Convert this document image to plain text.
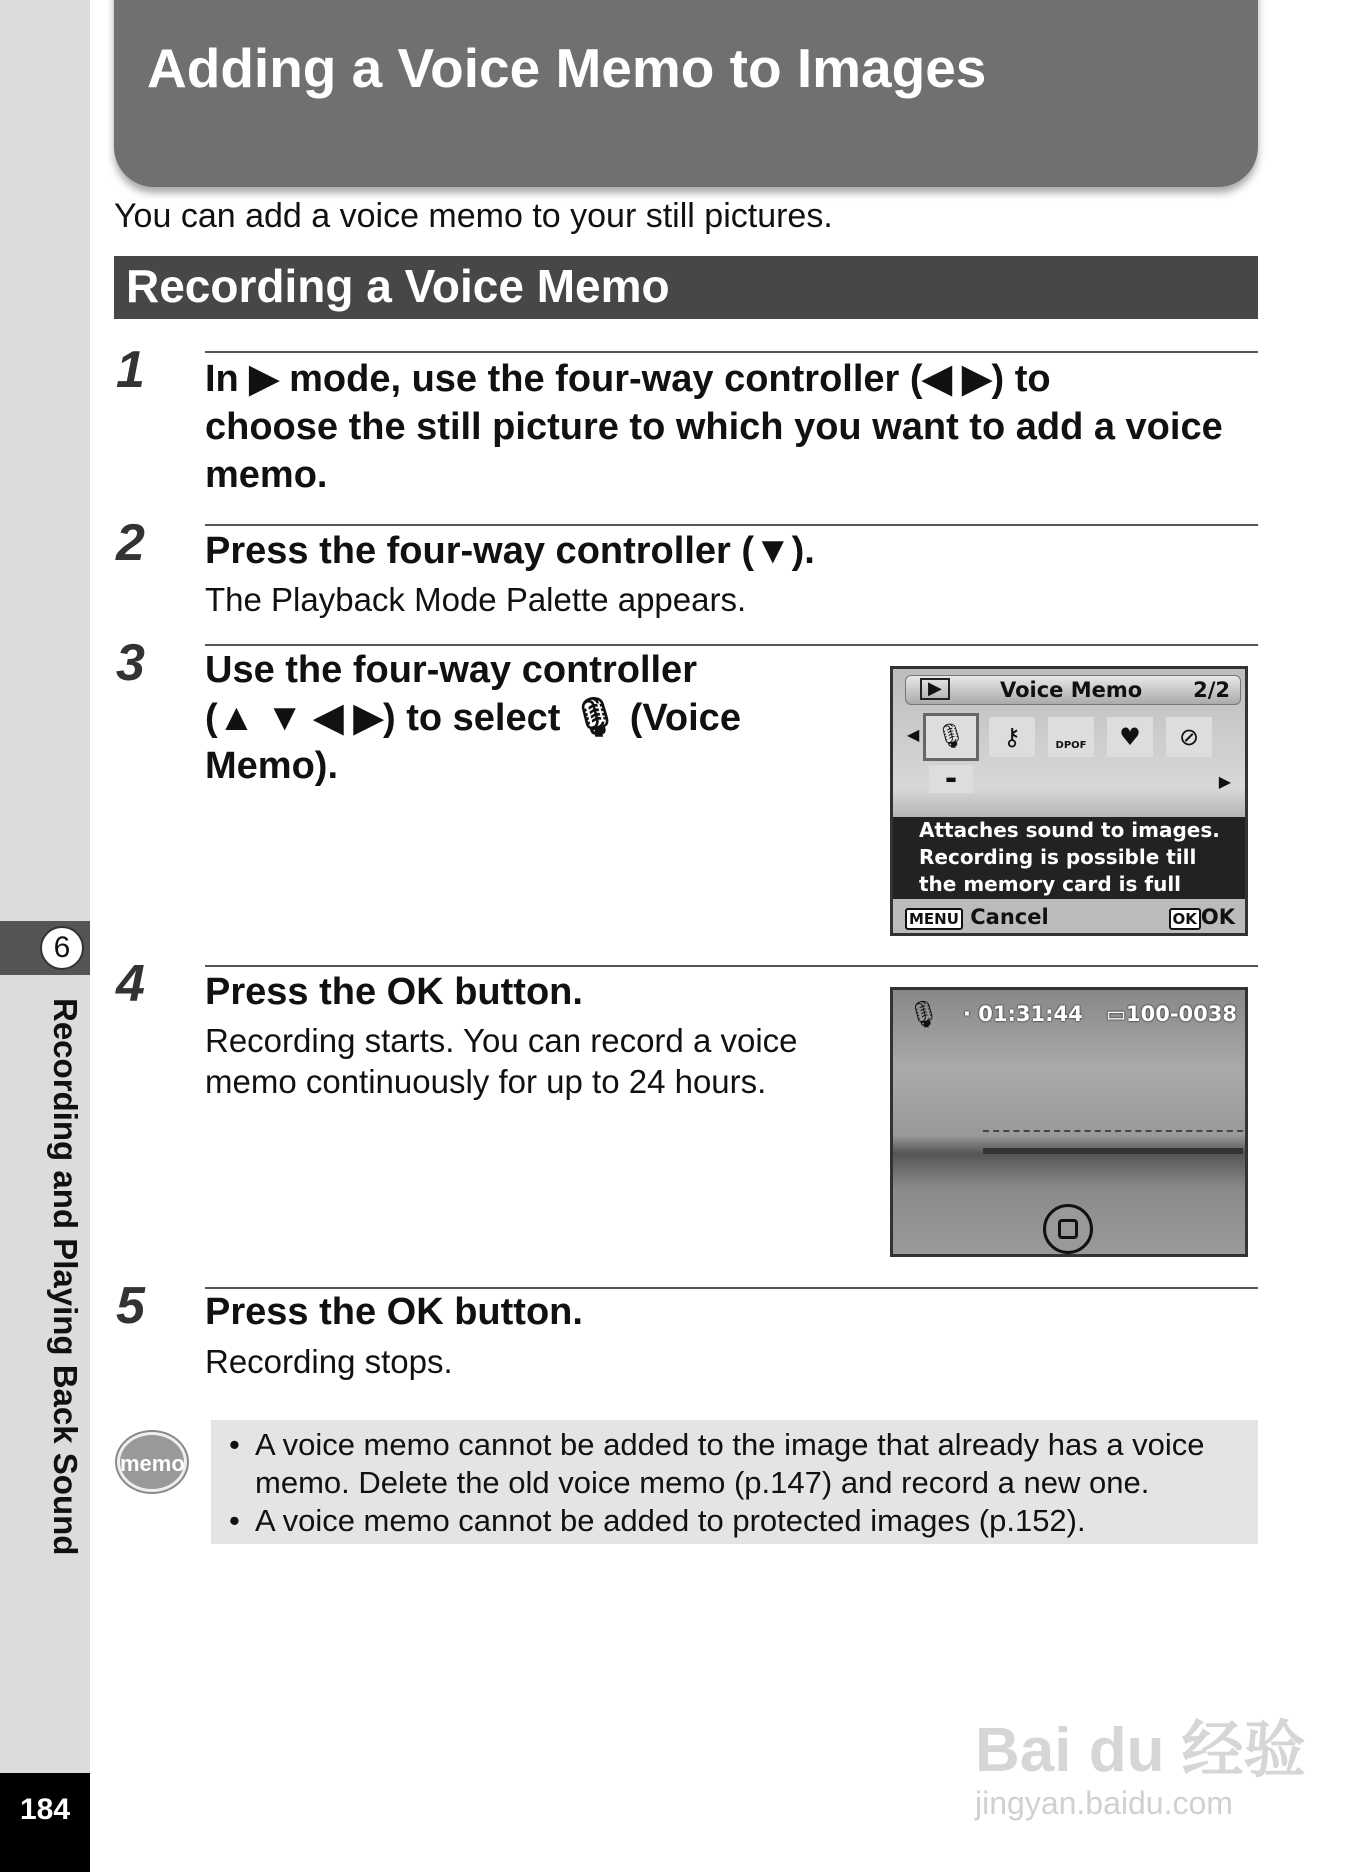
6
Recording and Playing Back Sound
184
Adding a Voice Memo to Images
You can add a voice memo to your still pictures.
Recording a Voice Memo
1 In ▶ mode, use the four-way controller (◀ ▶) to
choose the still picture to which you want to add a voice
memo.
2 Press the four-way controller (▼).
The Playback Mode Palette appears.
3 Use the four-way controller
(▲ ▼ ◀ ▶) to select 🎙 (Voice
Memo).
▶	Voice Memo 2/2
🎙	⚷	DPOF	♥	⊘
▬
◀
▶
Attaches sound to images.
Recording is possible till
the memory card is full
MENU Cancel	OK OK
4 Press the OK button.
Recording starts. You can record a voice
memo continuously for up to 24 hours.
🎙 · 01:31:44 ▭100-0038
5 Press the OK button.
Recording stops.
memo
• A voice memo cannot be added to the image that already has a voice memo. Delete the old voice memo (p.147) and record a new one.
• A voice memo cannot be added to protected images (p.152).
Bai du 经验
jingyan.baidu.com
